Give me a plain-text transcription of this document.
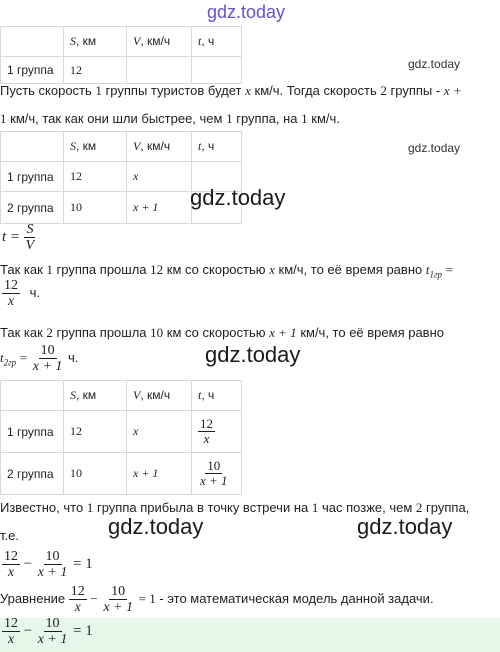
gdz.today
gdz.today
gdz.today
	S, км	V, км/ч	t, ч
1 группа	12		
Пусть скорость 1 группы туристов будет x км/ч. Тогда скорость 2 группы - x +
1 км/ч, так как они шли быстрее, чем 1 группа, на 1 км/ч.
	S, км	V, км/ч	t, ч
1 группа	12	x	
2 группа	10	x + 1	gdz.today
$t = \frac{S}{V}$
Так как 1 группа прошла 12 км со скоростью x км/ч, то её время равно $t_{1гр}$ =
$\frac{12}{x} ч$.
Так как 2 группа прошла 10 км со скоростью x + 1 км/ч, то её время равно
$t_{2гр} = \frac{10}{x + 1} ч$.	gdz.today
	S, км	V, км/ч	t, ч
1 группа	12	x	$\frac{12}{x}$

2 группа	10	x + 1	$\frac{10}{x + 1}$
Известно, что 1 группа прибыла в точку встречи на 1 час позже, чем 2 группа,
т.е.	gdz.today	gdz.today
$\frac{12}{x} - \frac{10}{x + 1} = 1$
Уравнение $\frac{12}{x} - \frac{10}{x + 1} = 1$ - это математическая модель данной задачи.
$\frac{12}{x} - \frac{10}{x + 1} = 1$
